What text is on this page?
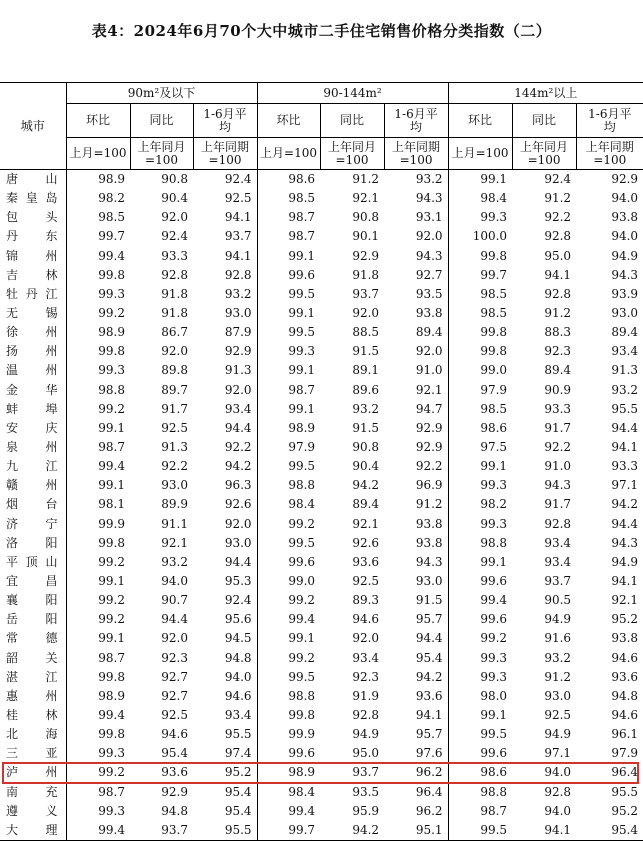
表4：2024年6月70个大中城市二手住宅销售价格分类指数（二）
城市	90m²及以下			90-144m²			144m²以上		
	环比	同比	1-6月平均	环比	同比	1-6月平均	环比	同比	1-6月平均
	上月=100	上年同月=100	上年同期=100	上月=100	上年同月=100	上年同期=100	上月=100	上年同月=100	上年同期=100
唐山	98.9	90.8	92.4	98.6	91.2	93.2	99.1	92.4	92.9
秦皇岛	98.2	90.4	92.5	98.5	92.1	94.3	98.4	91.2	94.0
包头	98.5	92.0	94.1	98.7	90.8	93.1	99.3	92.2	93.8
丹东	99.7	92.4	93.7	98.7	90.1	92.0	100.0	92.8	94.0
锦州	99.4	93.3	94.1	99.1	92.9	94.3	99.8	95.0	94.9
吉林	99.8	92.8	92.8	99.6	91.8	92.7	99.7	94.1	94.3
牡丹江	99.3	91.8	93.2	99.5	93.7	93.5	98.5	92.8	93.9
无锡	99.2	91.8	93.0	99.1	92.0	93.8	98.5	91.2	93.0
徐州	98.9	86.7	87.9	99.5	88.5	89.4	99.8	88.3	89.4
扬州	99.8	92.0	92.9	99.3	91.5	92.0	99.8	92.3	93.4
温州	99.3	89.8	91.3	99.1	89.1	91.0	99.0	89.4	91.3
金华	98.8	89.7	92.0	98.7	89.6	92.1	97.9	90.9	93.2
蚌埠	99.2	91.7	93.4	99.1	93.2	94.7	98.5	93.3	95.5
安庆	99.1	92.5	94.4	98.9	91.5	92.9	98.6	91.7	94.4
泉州	98.7	91.3	92.2	97.9	90.8	92.9	97.5	92.2	94.1
九江	99.4	92.2	94.2	99.5	90.4	92.2	99.1	91.0	93.3
赣州	99.1	93.0	96.3	98.8	94.2	96.9	99.3	94.3	97.1
烟台	98.1	89.9	92.6	98.4	89.4	91.2	98.2	91.7	94.2
济宁	99.9	91.1	92.0	99.2	92.1	93.8	99.3	92.8	94.4
洛阳	99.8	92.1	93.0	99.5	92.6	93.8	98.8	93.4	94.3
平顶山	99.2	93.2	94.4	99.6	93.6	94.3	99.1	93.4	94.9
宜昌	99.1	94.0	95.3	99.0	92.5	93.0	99.6	93.7	94.1
襄阳	99.2	90.7	92.4	99.2	89.3	91.5	99.4	90.5	92.1
岳阳	99.2	94.4	95.6	99.4	94.6	95.7	99.6	94.9	95.2
常德	99.1	92.0	94.5	99.1	92.0	94.4	99.2	91.6	93.8
韶关	98.7	92.3	94.8	99.2	93.4	95.4	99.3	93.2	94.6
湛江	99.8	92.7	94.0	99.5	92.3	94.2	99.3	91.2	93.6
惠州	98.9	92.7	94.6	98.8	91.9	93.6	98.0	93.0	94.8
桂林	99.4	92.5	93.4	99.8	92.8	94.1	99.1	92.5	94.6
北海	99.8	94.6	95.5	99.9	94.9	95.7	99.5	94.9	96.1
三亚	99.3	95.4	97.4	99.6	95.0	97.6	99.6	97.1	97.9
泸州	99.2	93.6	95.2	98.9	93.7	96.2	98.6	94.0	96.4
南充	98.7	92.9	95.4	98.4	93.5	96.4	98.8	92.8	95.5
遵义	99.3	94.8	95.4	99.4	95.9	96.2	98.7	94.0	95.2
大理	99.4	93.7	95.5	99.7	94.2	95.1	99.5	94.1	95.4
